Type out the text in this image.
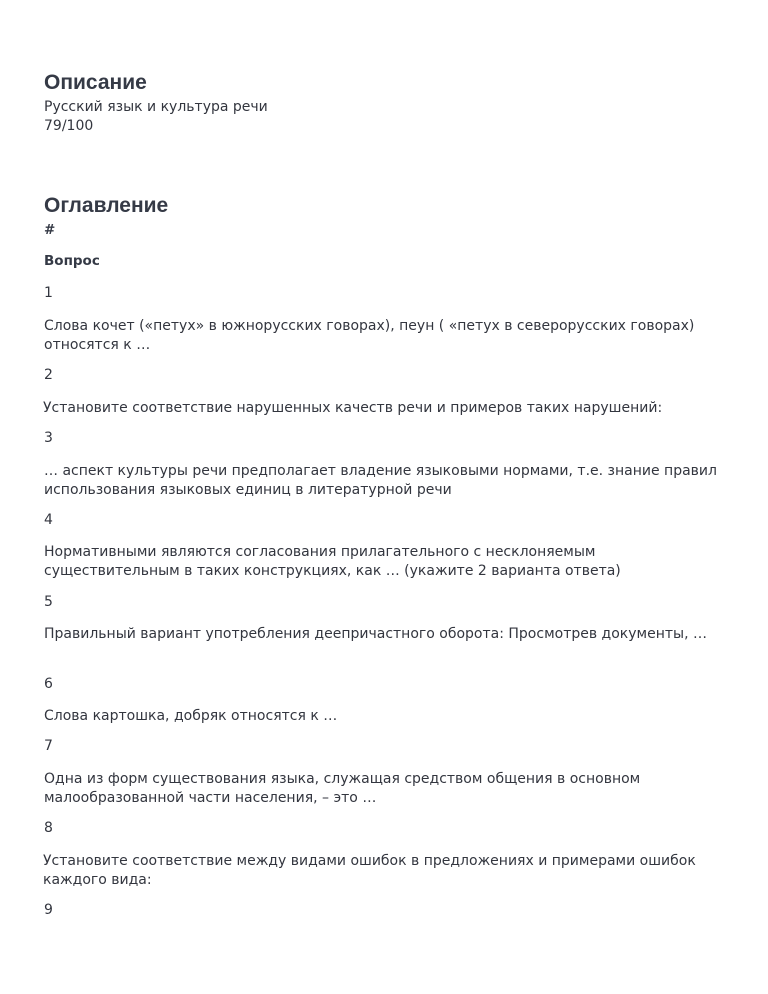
Описание
Русский язык и культура речи
79/100
Оглавление
#
Вопрос
1
Слова кочет («петух» в южнорусских говорах), пеун ( «петух в северорусских говорах) относятся к …
2
Установите соответствие нарушенных качеств речи и примеров таких нарушений:
3
… аспект культуры речи предполагает владение языковыми нормами, т.е. знание правил использования языковых единиц в литературной речи
4
Нормативными являются согласования прилагательного с несклоняемым существительным в таких конструкциях, как … (укажите 2 варианта ответа)
5
Правильный вариант употребления деепричастного оборота: Просмотрев документы, …
6
Слова картошка, добряк относятся к …
7
Одна из форм существования языка, служащая средством общения в основном малообразованной части населения, – это …
8
Установите соответствие между видами ошибок в предложениях и примерами ошибок каждого вида:
9
